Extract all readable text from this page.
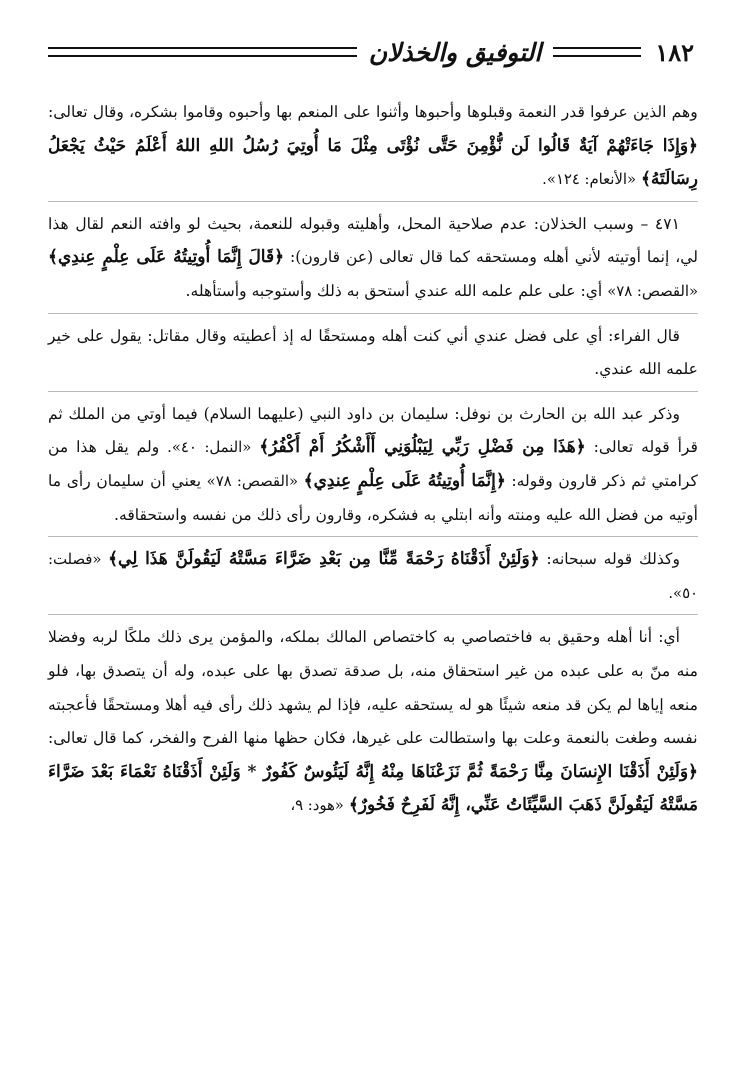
١٨٢
التوفيق والخذلان

وهم الذين عرفوا قدر النعمة وقبلوها وأحبوها وأثنوا على المنعم بها وأحبوه وقاموا بشكره، وقال تعالى: ﴿وَإِذَا جَاءَتْهُمْ آيَةٌ قَالُوا لَن نُّؤْمِنَ حَتَّى نُؤْتَى مِثْلَ مَا أُوتِيَ رُسُلُ اللهِ اللهُ أَعْلَمُ حَيْثُ يَجْعَلُ رِسَالَتَهُ﴾ «الأنعام: ١٢٤».

٤٧١ – وسبب الخذلان: عدم صلاحية المحل، وأهليته وقبوله للنعمة، بحيث لو وافته النعم لقال هذا لي، إنما أوتيته لأني أهله ومستحقه كما قال تعالى (عن قارون): ﴿قَالَ إِنَّمَا أُوتِيتُهُ عَلَى عِلْمٍ عِندِي﴾ «القصص: ٧٨» أي: على علم علمه الله عندي أستحق به ذلك وأستوجبه وأستأهله.

قال الفراء: أي على فضل عندي أني كنت أهله ومستحقًا له إذ أعطيته وقال مقاتل: يقول على خير علمه الله عندي.

وذكر عبد الله بن الحارث بن نوفل: سليمان بن داود النبي (عليهما السلام) فيما أوتي من الملك ثم قرأ قوله تعالى: ﴿هَذَا مِن فَضْلِ رَبِّي لِيَبْلُوَنِي أَأَشْكُرُ أَمْ أَكْفُرُ﴾ «النمل: ٤٠». ولم يقل هذا من كرامتي ثم ذكر قارون وقوله: ﴿إِنَّمَا أُوتِيتُهُ عَلَى عِلْمٍ عِندِي﴾ «القصص: ٧٨» يعني أن سليمان رأى ما أوتيه من فضل الله عليه ومنته وأنه ابتلي به فشكره، وقارون رأى ذلك من نفسه واستحقاقه.

وكذلك قوله سبحانه: ﴿وَلَئِنْ أَذَقْنَاهُ رَحْمَةً مِّنَّا مِن بَعْدِ ضَرَّاءَ مَسَّتْهُ لَيَقُولَنَّ هَذَا لِي﴾ «فصلت: ٥٠».

أي: أنا أهله وحقيق به فاختصاصي به كاختصاص المالك بملكه، والمؤمن يرى ذلك ملكًا لربه وفضلا منه منّ به على عبده من غير استحقاق منه، بل صدقة تصدق بها على عبده، وله أن يتصدق بها، فلو منعه إياها لم يكن قد منعه شيئًا هو له يستحقه عليه، فإذا لم يشهد ذلك رأى فيه أهلا ومستحقًا فأعجبته نفسه وطغت بالنعمة وعلت بها واستطالت على غيرها، فكان حظها منها الفرح والفخر، كما قال تعالى: ﴿وَلَئِنْ أَذَقْنَا الإِنسَانَ مِنَّا رَحْمَةً ثُمَّ نَزَعْنَاهَا مِنْهُ إِنَّهُ لَيَئُوسٌ كَفُورٌ * وَلَئِنْ أَذَقْنَاهُ نَعْمَاءَ بَعْدَ ضَرَّاءَ مَسَّتْهُ لَيَقُولَنَّ ذَهَبَ السَّيِّئَاتُ عَنِّي، إِنَّهُ لَفَرِحٌ فَخُورٌ﴾ «هود: ٩،
